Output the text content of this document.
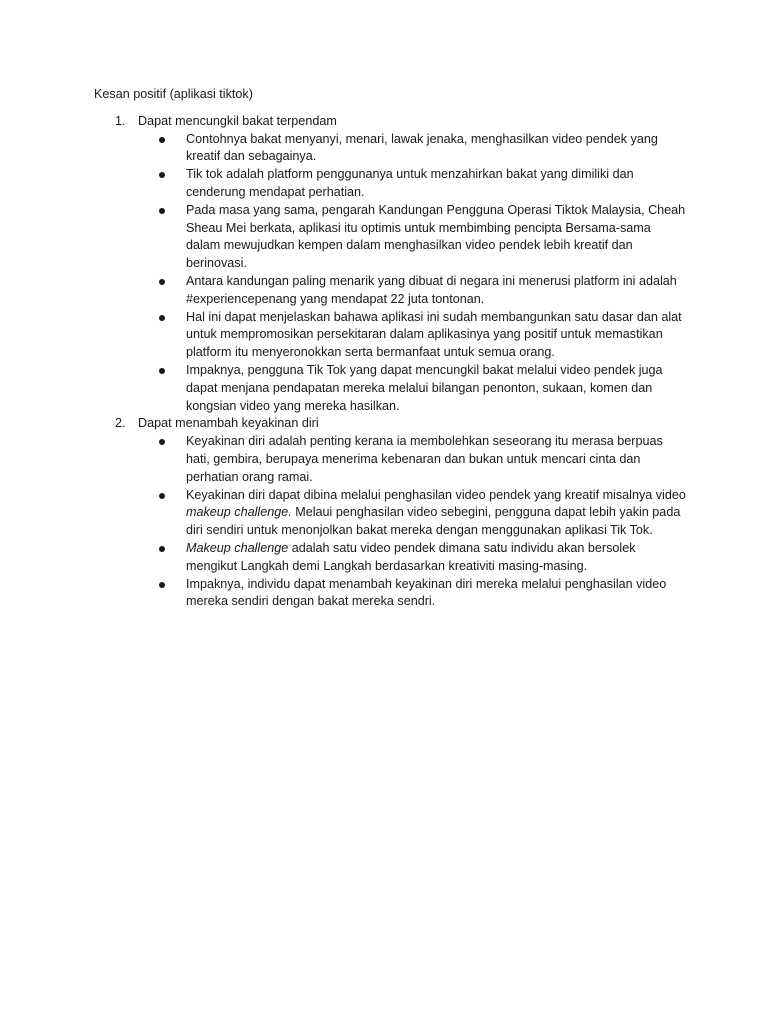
Kesan positif (aplikasi tiktok)

1. Dapat mencungkil bakat terpendam
Contohnya bakat menyanyi, menari, lawak jenaka, menghasilkan video pendek yang kreatif dan sebagainya.
Tik tok adalah platform penggunanya untuk menzahirkan bakat yang dimiliki dan cenderung mendapat perhatian.
Pada masa yang sama, pengarah Kandungan Pengguna Operasi Tiktok Malaysia, Cheah Sheau Mei berkata, aplikasi itu optimis untuk membimbing pencipta Bersama-sama dalam mewujudkan kempen dalam menghasilkan video pendek lebih kreatif dan berinovasi.
Antara kandungan paling menarik yang dibuat di negara ini menerusi platform ini adalah #experiencepenang yang mendapat 22 juta tontonan.
Hal ini dapat menjelaskan bahawa aplikasi ini sudah membangunkan satu dasar dan alat untuk mempromosikan persekitaran dalam aplikasinya yang positif untuk memastikan platform itu menyeronokkan serta bermanfaat untuk semua orang.
Impaknya, pengguna Tik Tok yang dapat mencungkil bakat melalui video pendek juga dapat menjana pendapatan mereka melalui bilangan penonton, sukaan, komen dan kongsian video yang mereka hasilkan.
2. Dapat menambah keyakinan diri
Keyakinan diri adalah penting kerana ia membolehkan seseorang itu merasa berpuas hati, gembira, berupaya menerima kebenaran dan bukan untuk mencari cinta dan perhatian orang ramai.
Keyakinan diri dapat dibina melalui penghasilan video pendek yang kreatif misalnya video makeup challenge. Melaui penghasilan video sebegini, pengguna dapat lebih yakin pada diri sendiri untuk menonjolkan bakat mereka dengan menggunakan aplikasi Tik Tok.
Makeup challenge adalah satu video pendek dimana satu individu akan bersolek mengikut Langkah demi Langkah berdasarkan kreativiti masing-masing.
Impaknya, individu dapat menambah keyakinan diri mereka melalui penghasilan video mereka sendiri dengan bakat mereka sendri.
